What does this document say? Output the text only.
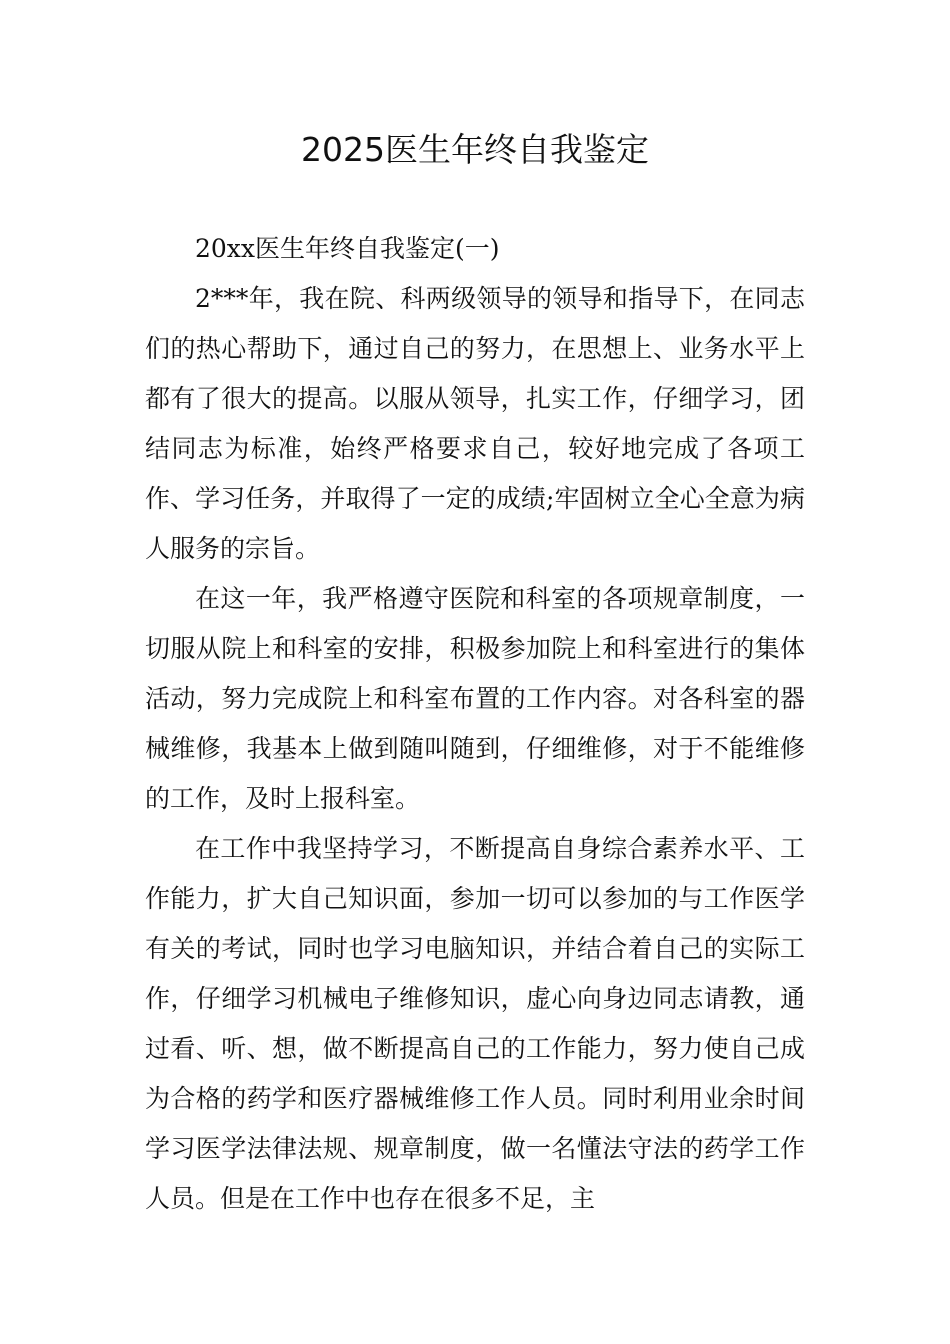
2025医生年终自我鉴定

20xx医生年终自我鉴定(一)

2***年，我在院、科两级领导的领导和指导下，在同志们的热心帮助下，通过自己的努力，在思想上、业务水平上都有了很大的提高。以服从领导，扎实工作，仔细学习，团结同志为标准，始终严格要求自己，较好地完成了各项工作、学习任务，并取得了一定的成绩;牢固树立全心全意为病人服务的宗旨。

在这一年，我严格遵守医院和科室的各项规章制度，一切服从院上和科室的安排，积极参加院上和科室进行的集体活动，努力完成院上和科室布置的工作内容。对各科室的器械维修，我基本上做到随叫随到，仔细维修，对于不能维修的工作，及时上报科室。

在工作中我坚持学习，不断提高自身综合素养水平、工作能力，扩大自己知识面，参加一切可以参加的与工作医学有关的考试，同时也学习电脑知识，并结合着自己的实际工作，仔细学习机械电子维修知识，虚心向身边同志请教，通过看、听、想，做不断提高自己的工作能力，努力使自己成为合格的药学和医疗器械维修工作人员。同时利用业余时间学习医学法律法规、规章制度，做一名懂法守法的药学工作人员。但是在工作中也存在很多不足，主
